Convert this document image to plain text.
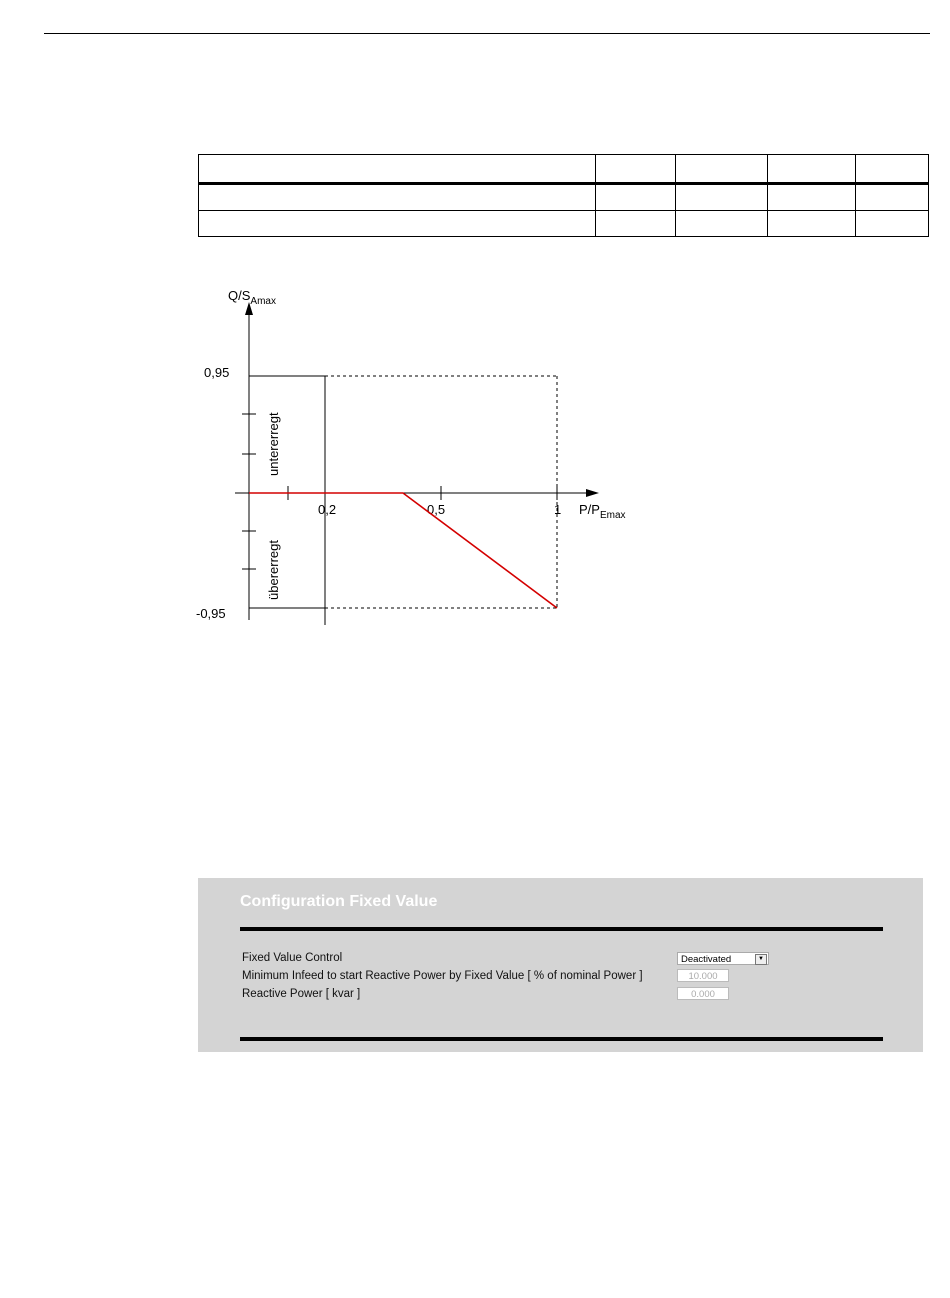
0,95
-0,95
0,2	0,5	1
$Q/S_{Amax}$
$P/P_{Emax}$
untererregt
übererregt
Configuration Fixed Value
Fixed Value Control	Deactivated	▼
Minimum Infeed to start Reactive Power by Fixed Value [ % of nominal Power ]	10.000
Reactive Power [ kvar ]	0.000
